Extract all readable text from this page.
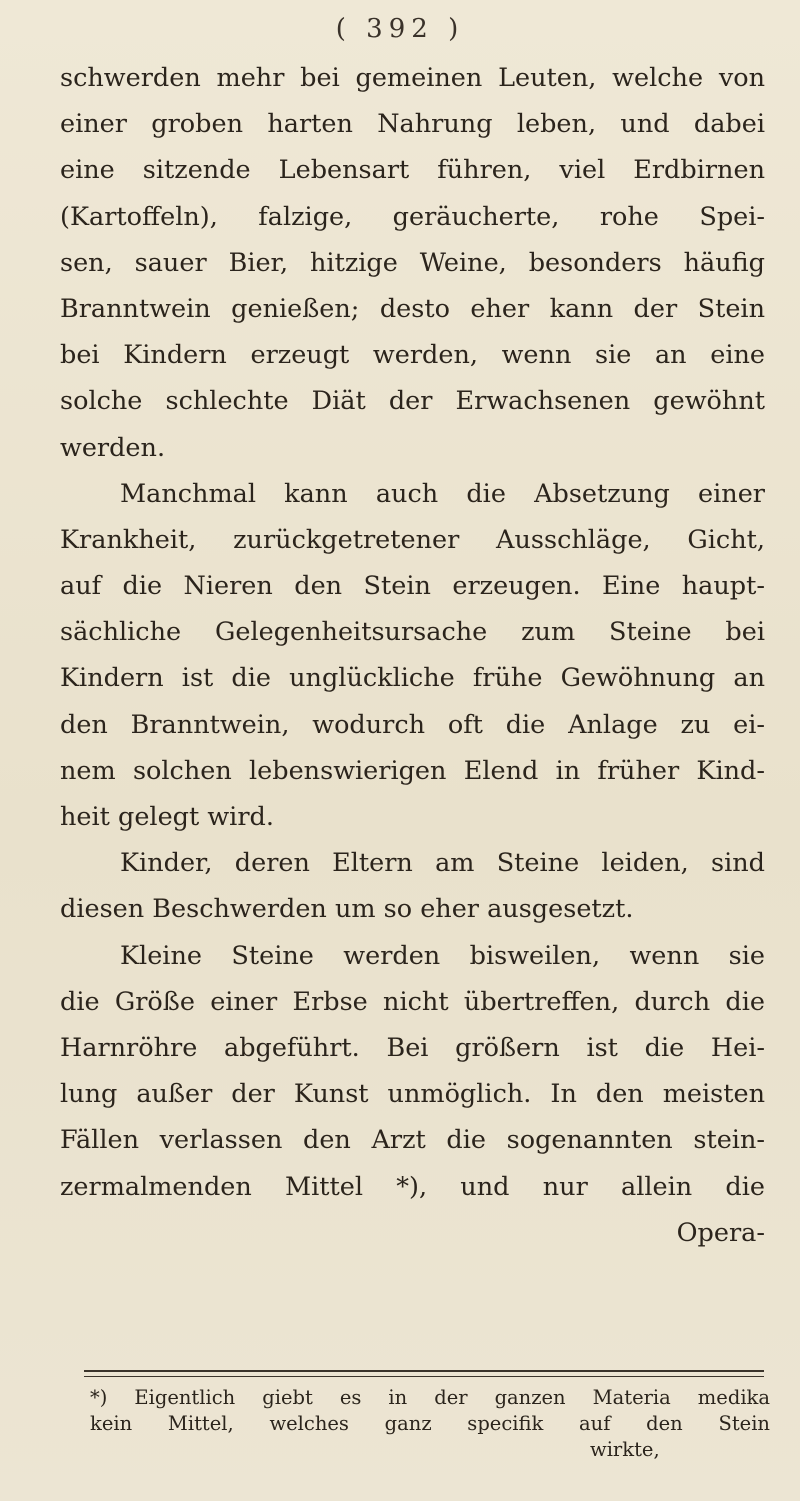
( 392 )
schwerden mehr bei gemeinen Leuten, welche von
einer groben harten Nahrung leben, und dabei
eine sitzende Lebensart führen, viel Erdbirnen
(Kartoffeln), falzige, geräucherte, rohe Spei-
sen, sauer Bier, hitzige Weine, besonders häufig
Branntwein genießen; desto eher kann der Stein
bei Kindern erzeugt werden, wenn sie an eine
solche schlechte Diät der Erwachsenen gewöhnt
werden.
Manchmal kann auch die Absetzung einer
Krankheit, zurückgetretener Ausschläge, Gicht,
auf die Nieren den Stein erzeugen. Eine haupt-
sächliche Gelegenheitsursache zum Steine bei
Kindern ist die unglückliche frühe Gewöhnung an
den Branntwein, wodurch oft die Anlage zu ei-
nem solchen lebenswierigen Elend in früher Kind-
heit gelegt wird.
Kinder, deren Eltern am Steine leiden, sind
diesen Beschwerden um so eher ausgesetzt.
Kleine Steine werden bisweilen, wenn sie
die Größe einer Erbse nicht übertreffen, durch die
Harnröhre abgeführt. Bei größern ist die Hei-
lung außer der Kunst unmöglich. In den meisten
Fällen verlassen den Arzt die sogenannten stein-
zermalmenden Mittel *), und nur allein die
Opera-
*) Eigentlich giebt es in der ganzen Materia medika
kein Mittel, welches ganz specifik auf den Stein
wirkte,
